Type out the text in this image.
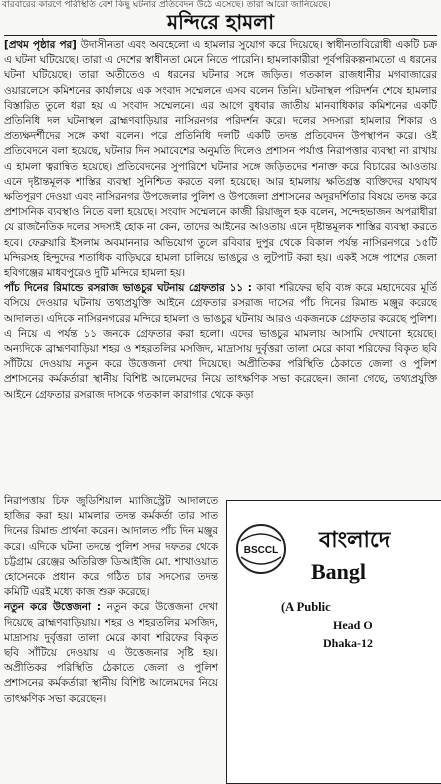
বারবারের কারণে পরিস্থিতি বেশ কিছু ঘটনার প্রতিবেদন উঠে এসেছে। তারা আরো জানিয়েছে।
মন্দিরে হামলা

[প্রথম পৃষ্ঠার পর] উদাসীনতা এবং অবহেলো এ হামলার সুযোগ করে দিয়েছে। স্বাধীনতাবিরোধী একটি চক্র এ ঘটনা ঘটিয়েছে। তারা এ দেশের স্বাধীনতা মেনে নিতে পারেনি। হামলাকারীরা পূর্বপরিকল্পনামতো এ ধরনের ঘটনা ঘটিয়েছে। তারা অতীতেও এ ধরনের ঘটনার সঙ্গে জড়িত। গতকাল রাজধানীর মগবাজারের ওয়ারলেসে কমিশনের কার্যালয়ে এক সংবাদ সম্মেলনে এসব বলেন তিনি। ঘটনাস্থল পরিদর্শন শেষে হামলার বিস্তারিত তুলে ধরা হয় এ সংবাদ সম্মেলনে। এর আগে বুধবার জাতীয় মানবাধিকার কমিশনের একটি প্রতিনিধি দল ঘটনাস্থল ব্রাহ্মণবাড়িয়ার নাসিরনগর পরিদর্শন করে। দলের সদস্যরা হামলার শিকার ও প্রত্যক্ষদর্শীদের সঙ্গে কথা বলেন। পরে প্রতিনিধি দলটি একটি তদন্ত প্রতিবেদন উপস্থাপন করে। ওই প্রতিবেদনে বলা হয়েছে, ঘটনার দিন সমাবেশের অনুমতি দিলেও প্রশাসন পর্যাপ্ত নিরাপত্তার ব্যবস্থা না রাখায় এ হামলা ত্বরান্বিত হয়েছে। প্রতিবেদনের সুপারিশে ঘটনার সঙ্গে জড়িতদের শনাক্ত করে বিচারের আওতায় এনে দৃষ্টান্তমূলক শাস্তির ব্যবস্থা সুনিশ্চিত করতে বলা হয়েছে। আর হামলায় ক্ষতিগ্রস্ত ব্যক্তিদের যথাযথ ক্ষতিপূরণ দেওয়া এবং নাসিরনগর উপজেলার পুলিশ ও উপজেলা প্রশাসনের অদূরদর্শিতার বিষয়ে তদন্ত করে প্রশাসনিক ব্যবস্থাও নিতে বলা হয়েছে। সংবাদ সম্মেলনে কাজী রিয়াজুল হক বলেন, সন্দেহভাজন অপরাধীরা যে রাজনৈতিক দলের সদস্যই হোক না কেন, তাদের আইনের আওতায় এনে দৃষ্টান্তমূলক শাস্তির ব্যবস্থা করতে হবে। ফেব্রুয়ারি ইসলাম অবমাননার অভিযোগ তুলে রবিবার দুপুর থেকে বিকাল পর্যন্ত নাসিরনগরে ১৫টি মন্দিরসহ হিন্দুদের শতাধিক বাড়িঘরে হামলা চালিয়ে ভাঙচুর ও লুটপাট করা হয়। একই সঙ্গে পাশের জেলা হবিগঞ্জের মাধবপুরেও দুটি মন্দিরে হামলা হয়।

পাঁচ দিনের রিমান্ডে রসরাজ ভাঙচুর ঘটনায় গ্রেফতার ১১ : কাবা শরিফের ছবি ব্যঙ্গ করে মহাদেবের মূর্তি বসিয়ে দেওয়ার ঘটনায় তথ্যপ্রযুক্তি আইনে গ্রেফতার রসরাজ দাসের পাঁচ দিনের রিমান্ড মঞ্জুর করেছে আদালত। এদিকে নাসিরনগরের মন্দিরে হামলা ও ভাঙচুর ঘটনায় আরও একজনকে গ্রেফতার করেছে পুলিশ। এ নিয়ে এ পর্যন্ত ১১ জনকে গ্রেফতার করা হলো। এদের ভাঙচুর মামলায় আসামি দেখানো হয়েছে। অন্যদিকে ব্রাহ্মণবাড়িয়া শহর ও শহরতলির মসজিদ, মাদ্রাসায় দুর্বৃত্তরা তালা মেরে কাবা শরিফের বিকৃত ছবি সাঁটিয়ে দেওয়ায় নতুন করে উত্তেজনা দেখা দিয়েছে। অপ্রীতিকর পরিস্থিতি ঠেকাতে জেলা ও পুলিশ প্রশাসনের কর্মকর্তারা স্থানীয় বিশিষ্ট আলেমদের নিয়ে তাৎক্ষণিক সভা করেছেন। জানা গেছে, তথ্যপ্রযুক্তি আইনে গ্রেফতার রসরাজ দাসকে গতকাল কারাগার থেকে কড়া

নিরাপত্তায় চিফ জুডিশিয়াল ম্যাজিস্ট্রেট আদালতে হাজির করা হয়। মামলার তদন্ত কর্মকর্তা তার সাত দিনের রিমান্ড প্রার্থনা করেন। আদালত পাঁচ দিন মঞ্জুর করে। এদিকে ঘটনা তদন্তে পুলিশ সদর দফতর থেকে চট্টগ্রাম রেঞ্জের অতিরিক্ত ডিআইজি মো. শাখাওয়াত হোসেনকে প্রধান করে গঠিত চার সদস্যের তদন্ত কমিটি এরই মধ্যে কাজ শুরু করেছে।

নতুন করে উত্তেজনা : নতুন করে উত্তেজনা দেখা দিয়েছে ব্রাহ্মণবাড়িয়ায়। শহর ও শহরতলির মসজিদ, মাদ্রাসায় দুর্বৃত্তরা তালা মেরে কাবা শরিফের বিকৃত ছবি সাঁটিয়ে দেওয়ায় এ উত্তেজনার সৃষ্টি হয়। অপ্রীতিকর পরিস্থিতি ঠেকাতে জেলা ও পুলিশ প্রশাসনের কর্মকর্তারা স্থানীয় বিশিষ্ট আলেমদের নিয়ে তাৎক্ষণিক সভা করেছেন।

BSCCL বাংলাদে
Bangl
(A Public
Head O
Dhaka-12
